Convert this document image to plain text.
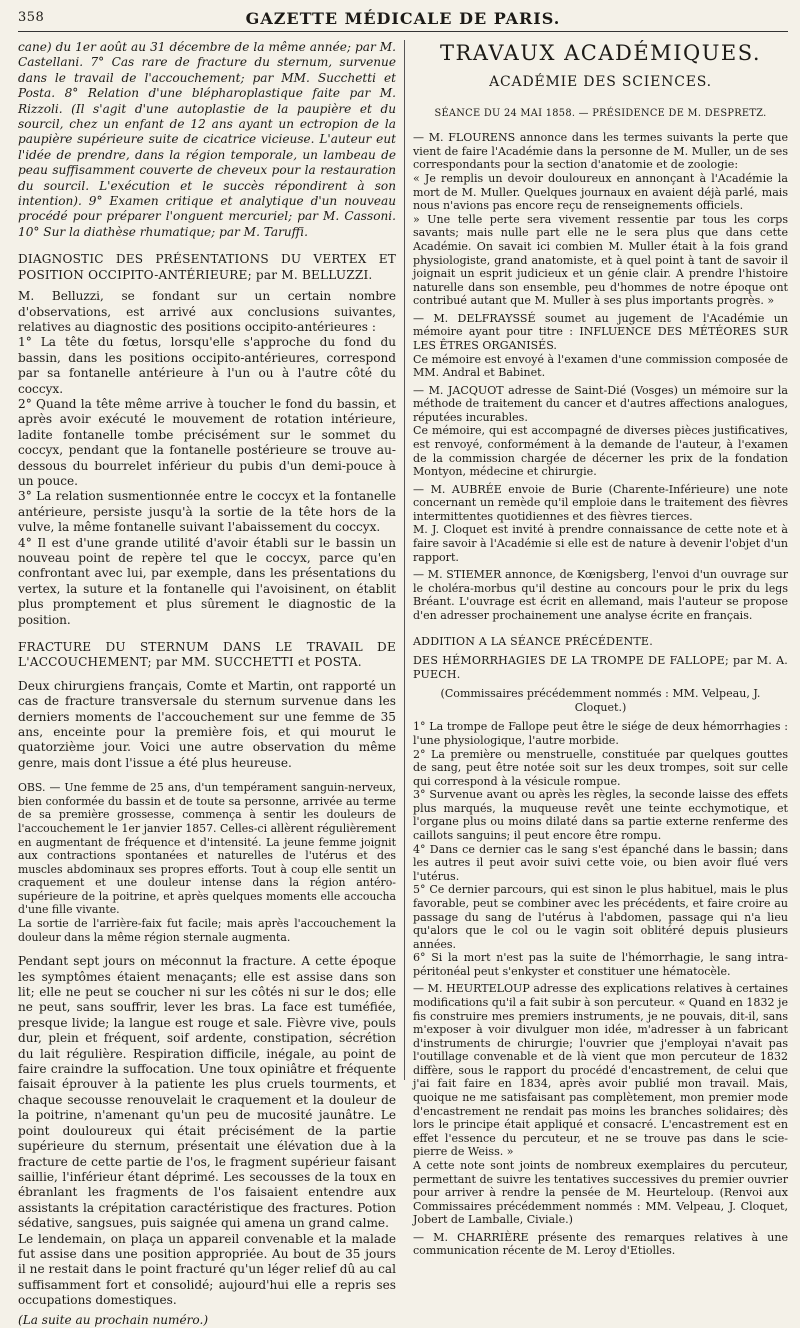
358	GAZETTE MÉDICALE DE PARIS.

cane) du 1er août au 31 décembre de la même année; par M. Castellani. 7° Cas rare de fracture du sternum, survenue dans le travail de l'accouchement; par MM. Succhetti et Posta. 8° Relation d'une blépharoplastique faite par M. Rizzoli. (Il s'agit d'une autoplastie de la paupière et du sourcil, chez un enfant de 12 ans ayant un ectropion de la paupière supérieure suite de cicatrice vicieuse. L'auteur eut l'idée de prendre, dans la région temporale, un lambeau de peau suffisamment couverte de cheveux pour la restauration du sourcil. L'exécution et le succès répondirent à son intention). 9° Examen critique et analytique d'un nouveau procédé pour préparer l'onguent mercuriel; par M. Cassoni. 10° Sur la diathèse rhumatique; par M. Taruffi.

DIAGNOSTIC DES PRÉSENTATIONS DU VERTEX ET POSITION OCCIPITO-ANTÉRIEURE; par M. BELLUZZI.

M. Belluzzi, se fondant sur un certain nombre d'observations, est arrivé aux conclusions suivantes, relatives au diagnostic des positions occipito-antérieures :

1° La tête du fœtus, lorsqu'elle s'approche du fond du bassin, dans les positions occipito-antérieures, correspond par sa fontanelle antérieure à l'un ou à l'autre côté du coccyx.

2° Quand la tête même arrive à toucher le fond du bassin, et après avoir exécuté le mouvement de rotation intérieure, ladite fontanelle tombe précisément sur le sommet du coccyx, pendant que la fontanelle postérieure se trouve au-dessous du bourrelet inférieur du pubis d'un demi-pouce à un pouce.

3° La relation susmentionnée entre le coccyx et la fontanelle antérieure, persiste jusqu'à la sortie de la tête hors de la vulve, la même fontanelle suivant l'abaissement du coccyx.

4° Il est d'une grande utilité d'avoir établi sur le bassin un nouveau point de repère tel que le coccyx, parce qu'en confrontant avec lui, par exemple, dans les présentations du vertex, la suture et la fontanelle qui l'avoisinent, on établit plus promptement et plus sûrement le diagnostic de la position.

FRACTURE DU STERNUM DANS LE TRAVAIL DE L'ACCOUCHEMENT; par MM. SUCCHETTI et POSTA.

Deux chirurgiens français, Comte et Martin, ont rapporté un cas de fracture transversale du sternum survenue dans les derniers moments de l'accouchement sur une femme de 35 ans, enceinte pour la première fois, et qui mourut le quatorzième jour. Voici une autre observation du même genre, mais dont l'issue a été plus heureuse.

OBS. — Une femme de 25 ans, d'un tempérament sanguin-nerveux, bien conformée du bassin et de toute sa personne, arrivée au terme de sa première grossesse, commença à sentir les douleurs de l'accouchement le 1er janvier 1857. Celles-ci allèrent régulièrement en augmentant de fréquence et d'intensité. La jeune femme joignit aux contractions spontanées et naturelles de l'utérus et des muscles abdominaux ses propres efforts. Tout à coup elle sentit un craquement et une douleur intense dans la région antéro-supérieure de la poitrine, et après quelques moments elle accoucha d'une fille vivante.

La sortie de l'arrière-faix fut facile; mais après l'accouchement la douleur dans la même région sternale augmenta.

Pendant sept jours on méconnut la fracture. A cette époque les symptômes étaient menaçants; elle est assise dans son lit; elle ne peut se coucher ni sur les côtés ni sur le dos; elle ne peut, sans souffrir, lever les bras. La face est tuméfiée, presque livide; la langue est rouge et sale. Fièvre vive, pouls dur, plein et fréquent, soif ardente, constipation, sécrétion du lait régulière. Respiration difficile, inégale, au point de faire craindre la suffocation. Une toux opiniâtre et fréquente faisait éprouver à la patiente les plus cruels tourments, et chaque secousse renouvelait le craquement et la douleur de la poitrine, n'amenant qu'un peu de mucosité jaunâtre. Le point douloureux qui était précisément de la partie supérieure du sternum, présentait une élévation due à la fracture de cette partie de l'os, le fragment supérieur faisant saillie, l'inférieur étant déprimé. Les secousses de la toux en ébranlant les fragments de l'os faisaient entendre aux assistants la crépitation caractéristique des fractures. Potion sédative, sangsues, puis saignée qui amena un grand calme.

Le lendemain, on plaça un appareil convenable et la malade fut assise dans une position appropriée. Au bout de 35 jours il ne restait dans le point fracturé qu'un léger relief dû au cal suffisamment fort et consolidé; aujourd'hui elle a repris ses occupations domestiques.

(La suite au prochain numéro.)

TRAVAUX ACADÉMIQUES.
ACADÉMIE DES SCIENCES.
SÉANCE DU 24 MAI 1858. — PRÉSIDENCE DE M. DESPRETZ.

— M. FLOURENS annonce dans les termes suivants la perte que vient de faire l'Académie dans la personne de M. Muller, un de ses correspondants pour la section d'anatomie et de zoologie:

« Je remplis un devoir douloureux en annonçant à l'Académie la mort de M. Muller. Quelques journaux en avaient déjà parlé, mais nous n'avions pas encore reçu de renseignements officiels.

» Une telle perte sera vivement ressentie par tous les corps savants; mais nulle part elle ne le sera plus que dans cette Académie. On savait ici combien M. Muller était à la fois grand physiologiste, grand anatomiste, et à quel point à tant de savoir il joignait un esprit judicieux et un génie clair. A prendre l'histoire naturelle dans son ensemble, peu d'hommes de notre époque ont contribué autant que M. Muller à ses plus importants progrès. »

— M. DELFRAYSSÉ soumet au jugement de l'Académie un mémoire ayant pour titre : INFLUENCE DES MÉTÉORES SUR LES ÊTRES ORGANISÉS.

Ce mémoire est envoyé à l'examen d'une commission composée de MM. Andral et Babinet.

— M. JACQUOT adresse de Saint-Dié (Vosges) un mémoire sur la méthode de traitement du cancer et d'autres affections analogues, réputées incurables.

Ce mémoire, qui est accompagné de diverses pièces justificatives, est renvoyé, conformément à la demande de l'auteur, à l'examen de la commission chargée de décerner les prix de la fondation Montyon, médecine et chirurgie.

— M. AUBRÉE envoie de Burie (Charente-Inférieure) une note concernant un remède qu'il emploie dans le traitement des fièvres intermittentes quotidiennes et des fièvres tierces.

M. J. Cloquet est invité à prendre connaissance de cette note et à faire savoir à l'Académie si elle est de nature à devenir l'objet d'un rapport.

— M. STIEMER annonce, de Kœnigsberg, l'envoi d'un ouvrage sur le choléra-morbus qu'il destine au concours pour le prix du legs Bréant. L'ouvrage est écrit en allemand, mais l'auteur se propose d'en adresser prochainement une analyse écrite en français.

ADDITION A LA SÉANCE PRÉCÉDENTE.

DES HÉMORRHAGIES DE LA TROMPE DE FALLOPE; par M. A. PUECH.

(Commissaires précédemment nommés : MM. Velpeau, J. Cloquet.)

1° La trompe de Fallope peut être le siége de deux hémorrhagies : l'une physiologique, l'autre morbide.

2° La première ou menstruelle, constituée par quelques gouttes de sang, peut être notée soit sur les deux trompes, soit sur celle qui correspond à la vésicule rompue.

3° Survenue avant ou après les règles, la seconde laisse des effets plus marqués, la muqueuse revêt une teinte ecchymotique, et l'organe plus ou moins dilaté dans sa partie externe renferme des caillots sanguins; il peut encore être rompu.

4° Dans ce dernier cas le sang s'est épanché dans le bassin; dans les autres il peut avoir suivi cette voie, ou bien avoir flué vers l'utérus.

5° Ce dernier parcours, qui est sinon le plus habituel, mais le plus favorable, peut se combiner avec les précédents, et faire croire au passage du sang de l'utérus à l'abdomen, passage qui n'a lieu qu'alors que le col ou le vagin soit oblitéré depuis plusieurs années.

6° Si la mort n'est pas la suite de l'hémorrhagie, le sang intra-péritonéal peut s'enkyster et constituer une hématocèle.

— M. HEURTELOUP adresse des explications relatives à certaines modifications qu'il a fait subir à son percuteur. « Quand en 1832 je fis construire mes premiers instruments, je ne pouvais, dit-il, sans m'exposer à voir divulguer mon idée, m'adresser à un fabricant d'instruments de chirurgie; l'ouvrier que j'employai n'avait pas l'outillage convenable et de là vient que mon percuteur de 1832 diffère, sous le rapport du procédé d'encastrement, de celui que j'ai fait faire en 1834, après avoir publié mon travail. Mais, quoique ne me satisfaisant pas complètement, mon premier mode d'encastrement ne rendait pas moins les branches solidaires; dès lors le principe était appliqué et consacré. L'encastrement est en effet l'essence du percuteur, et ne se trouve pas dans le scie-pierre de Weiss. »

A cette note sont joints de nombreux exemplaires du percuteur, permettant de suivre les tentatives successives du premier ouvrier pour arriver à rendre la pensée de M. Heurteloup. (Renvoi aux Commissaires précédemment nommés : MM. Velpeau, J. Cloquet, Jobert de Lamballe, Civiale.)

— M. CHARRIÈRE présente des remarques relatives à une communication récente de M. Leroy d'Etiolles.
